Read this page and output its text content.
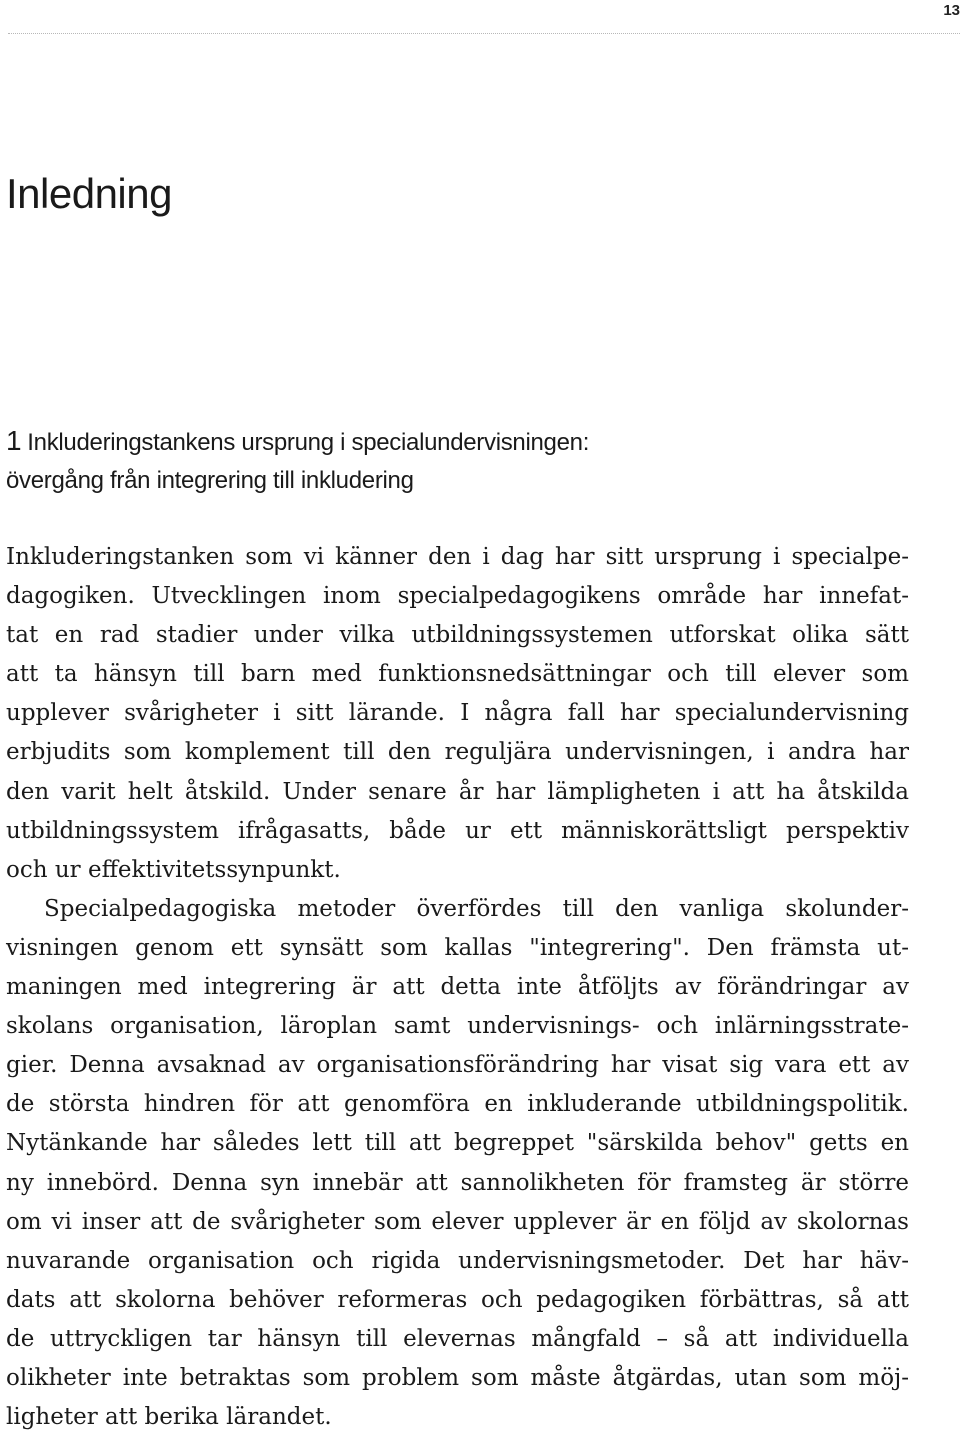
13
Inledning
1 Inkluderingstankens ursprung i specialundervisningen:
övergång från integrering till inkludering
Inkluderingstanken som vi känner den i dag har sitt ursprung i specialpe-
dagogiken. Utvecklingen inom specialpedagogikens område har innefat-
tat en rad stadier under vilka utbildningssystemen utforskat olika sätt
att ta hänsyn till barn med funktionsnedsättningar och till elever som
upplever svårigheter i sitt lärande. I några fall har specialundervisning
erbjudits som komplement till den reguljära undervisningen, i andra har
den varit helt åtskild. Under senare år har lämpligheten i att ha åtskilda
utbildningssystem ifrågasatts, både ur ett människorättsligt perspektiv
och ur effektivitetssynpunkt.
Specialpedagogiska metoder överfördes till den vanliga skolunder-
visningen genom ett synsätt som kallas "integrering". Den främsta ut-
maningen med integrering är att detta inte åtföljts av förändringar av
skolans organisation, läroplan samt undervisnings- och inlärningsstrate-
gier. Denna avsaknad av organisationsförändring har visat sig vara ett av
de största hindren för att genomföra en inkluderande utbildningspolitik.
Nytänkande har således lett till att begreppet "särskilda behov" getts en
ny innebörd. Denna syn innebär att sannolikheten för framsteg är större
om vi inser att de svårigheter som elever upplever är en följd av skolornas
nuvarande organisation och rigida undervisningsmetoder. Det har häv-
dats att skolorna behöver reformeras och pedagogiken förbättras, så att
de uttryckligen tar hänsyn till elevernas mångfald – så att individuella
olikheter inte betraktas som problem som måste åtgärdas, utan som möj-
ligheter att berika lärandet.
